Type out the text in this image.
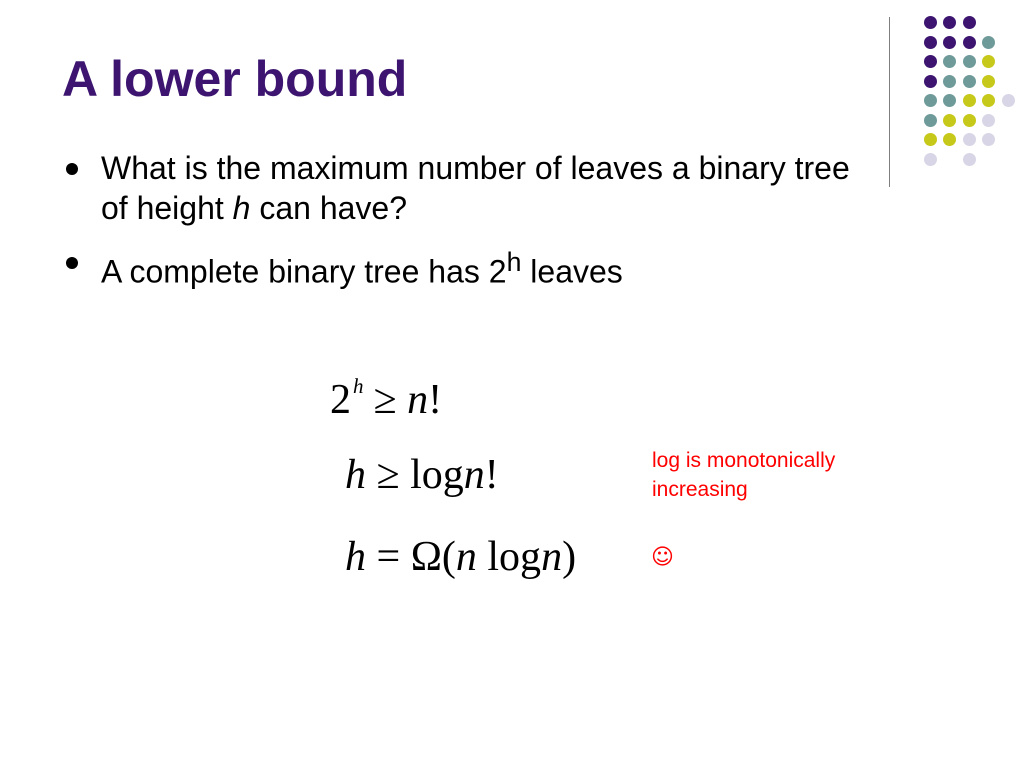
A lower bound
What is the maximum number of leaves a binary tree of height h can have?
A complete binary tree has 2$^h$ leaves
$2^h \ge n$!
h ≥ logn!
h = Ω(n logn)
log is monotonically increasing
☺
